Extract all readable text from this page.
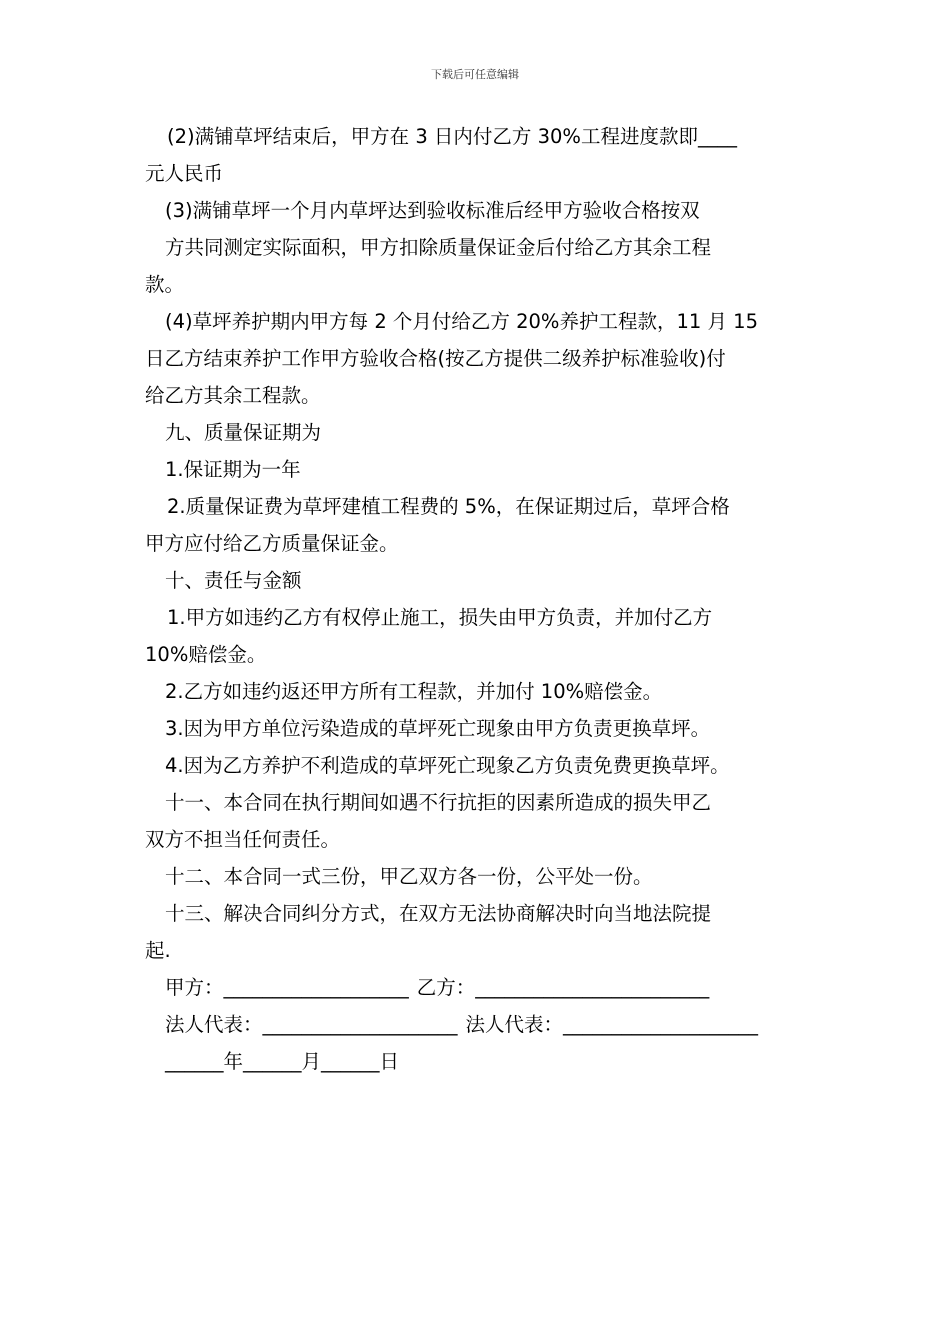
下载后可任意编辑
(2)满铺草坪结束后，甲方在 3 日内付乙方 30%工程进度款即____
元人民币
(3)满铺草坪一个月内草坪达到验收标准后经甲方验收合格按双
方共同测定实际面积，甲方扣除质量保证金后付给乙方其余工程
款。
(4)草坪养护期内甲方每 2 个月付给乙方 20%养护工程款，11 月 15
日乙方结束养护工作甲方验收合格(按乙方提供二级养护标准验收)付
给乙方其余工程款。
九、质量保证期为
1.保证期为一年
2.质量保证费为草坪建植工程费的 5%，在保证期过后，草坪合格
甲方应付给乙方质量保证金。
十、责任与金额
1.甲方如违约乙方有权停止施工，损失由甲方负责，并加付乙方
10%赔偿金。
2.乙方如违约返还甲方所有工程款，并加付 10%赔偿金。
3.因为甲方单位污染造成的草坪死亡现象由甲方负责更换草坪。
4.因为乙方养护不利造成的草坪死亡现象乙方负责免费更换草坪。
十一、本合同在执行期间如遇不行抗拒的因素所造成的损失甲乙
双方不担当任何责任。
十二、本合同一式三份，甲乙双方各一份，公平处一份。
十三、解决合同纠分方式，在双方无法协商解决时向当地法院提
起.
甲方：___________________ 乙方：________________________
法人代表：____________________ 法人代表：____________________
______年______月______日
